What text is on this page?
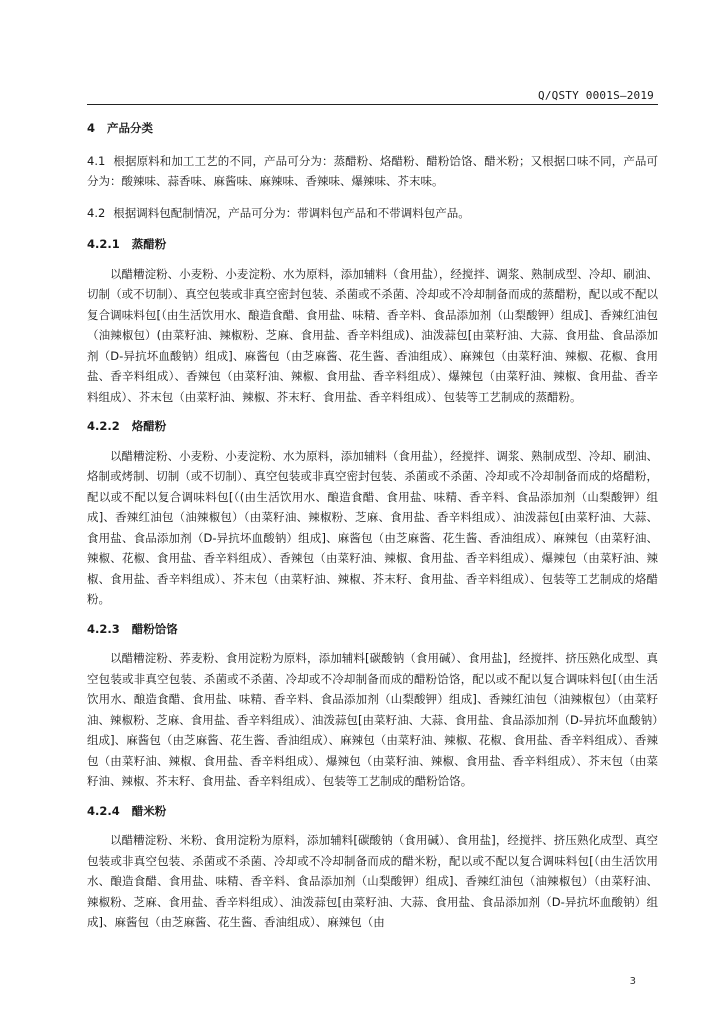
Q/QSTY 0001S—2019
4 产品分类
4.1 根据原料和加工工艺的不同，产品可分为：蒸醋粉、烙醋粉、醋粉饸饹、醋米粉；又根据口味不同，产品可分为：酸辣味、蒜香味、麻酱味、麻辣味、香辣味、爆辣味、芥末味。
4.2 根据调料包配制情况，产品可分为：带调料包产品和不带调料包产品。
4.2.1 蒸醋粉

以醋糟淀粉、小麦粉、小麦淀粉、水为原料，添加辅料（食用盐），经搅拌、调浆、熟制成型、冷却、刷油、切制（或不切制）、真空包装或非真空密封包装、杀菌或不杀菌、冷却或不冷却制备而成的蒸醋粉，配以或不配以复合调味料包[（由生活饮用水、酿造食醋、食用盐、味精、香辛料、食品添加剂（山梨酸钾）组成]、香辣红油包（油辣椒包）(由菜籽油、辣椒粉、芝麻、食用盐、香辛料组成)、油泼蒜包[由菜籽油、大蒜、食用盐、食品添加剂（D-异抗坏血酸钠）组成]、麻酱包（由芝麻酱、花生酱、香油组成）、麻辣包（由菜籽油、辣椒、花椒、食用盐、香辛料组成）、香辣包（由菜籽油、辣椒、食用盐、香辛料组成）、爆辣包（由菜籽油、辣椒、食用盐、香辛料组成）、芥末包（由菜籽油、辣椒、芥末籽、食用盐、香辛料组成）、包装等工艺制成的蒸醋粉。

4.2.2 烙醋粉

以醋糟淀粉、小麦粉、小麦淀粉、水为原料，添加辅料（食用盐），经搅拌、调浆、熟制成型、冷却、刷油、烙制或烤制、切制（或不切制）、真空包装或非真空密封包装、杀菌或不杀菌、冷却或不冷却制备而成的烙醋粉，配以或不配以复合调味料包[（(由生活饮用水、酿造食醋、食用盐、味精、香辛料、食品添加剂（山梨酸钾）组成]、香辣红油包（油辣椒包）（由菜籽油、辣椒粉、芝麻、食用盐、香辛料组成）、油泼蒜包[由菜籽油、大蒜、食用盐、食品添加剂（D-异抗坏血酸钠）组成]、麻酱包（由芝麻酱、花生酱、香油组成）、麻辣包（由菜籽油、辣椒、花椒、食用盐、香辛料组成）、香辣包（由菜籽油、辣椒、食用盐、香辛料组成）、爆辣包（由菜籽油、辣椒、食用盐、香辛料组成）、芥末包（由菜籽油、辣椒、芥末籽、食用盐、香辛料组成）、包装等工艺制成的烙醋粉。

4.2.3 醋粉饸饹

以醋糟淀粉、荞麦粉、食用淀粉为原料，添加辅料[碳酸钠（食用碱）、食用盐]，经搅拌、挤压熟化成型、真空包装或非真空包装、杀菌或不杀菌、冷却或不冷却制备而成的醋粉饸饹，配以或不配以复合调味料包[（由生活饮用水、酿造食醋、食用盐、味精、香辛料、食品添加剂（山梨酸钾）组成]、香辣红油包（油辣椒包）（由菜籽油、辣椒粉、芝麻、食用盐、香辛料组成）、油泼蒜包[由菜籽油、大蒜、食用盐、食品添加剂（D-异抗坏血酸钠）组成]、麻酱包（由芝麻酱、花生酱、香油组成）、麻辣包（由菜籽油、辣椒、花椒、食用盐、香辛料组成）、香辣包（由菜籽油、辣椒、食用盐、香辛料组成）、爆辣包（由菜籽油、辣椒、食用盐、香辛料组成）、芥末包（由菜籽油、辣椒、芥末籽、食用盐、香辛料组成）、包装等工艺制成的醋粉饸饹。

4.2.4 醋米粉

以醋糟淀粉、米粉、食用淀粉为原料，添加辅料[碳酸钠（食用碱）、食用盐]，经搅拌、挤压熟化成型、真空包装或非真空包装、杀菌或不杀菌、冷却或不冷却制备而成的醋米粉，配以或不配以复合调味料包[（由生活饮用水、酿造食醋、食用盐、味精、香辛料、食品添加剂（山梨酸钾）组成]、香辣红油包（油辣椒包）（由菜籽油、辣椒粉、芝麻、食用盐、香辛料组成）、油泼蒜包[由菜籽油、大蒜、食用盐、食品添加剂（D-异抗坏血酸钠）组成]、麻酱包（由芝麻酱、花生酱、香油组成）、麻辣包（由

3
